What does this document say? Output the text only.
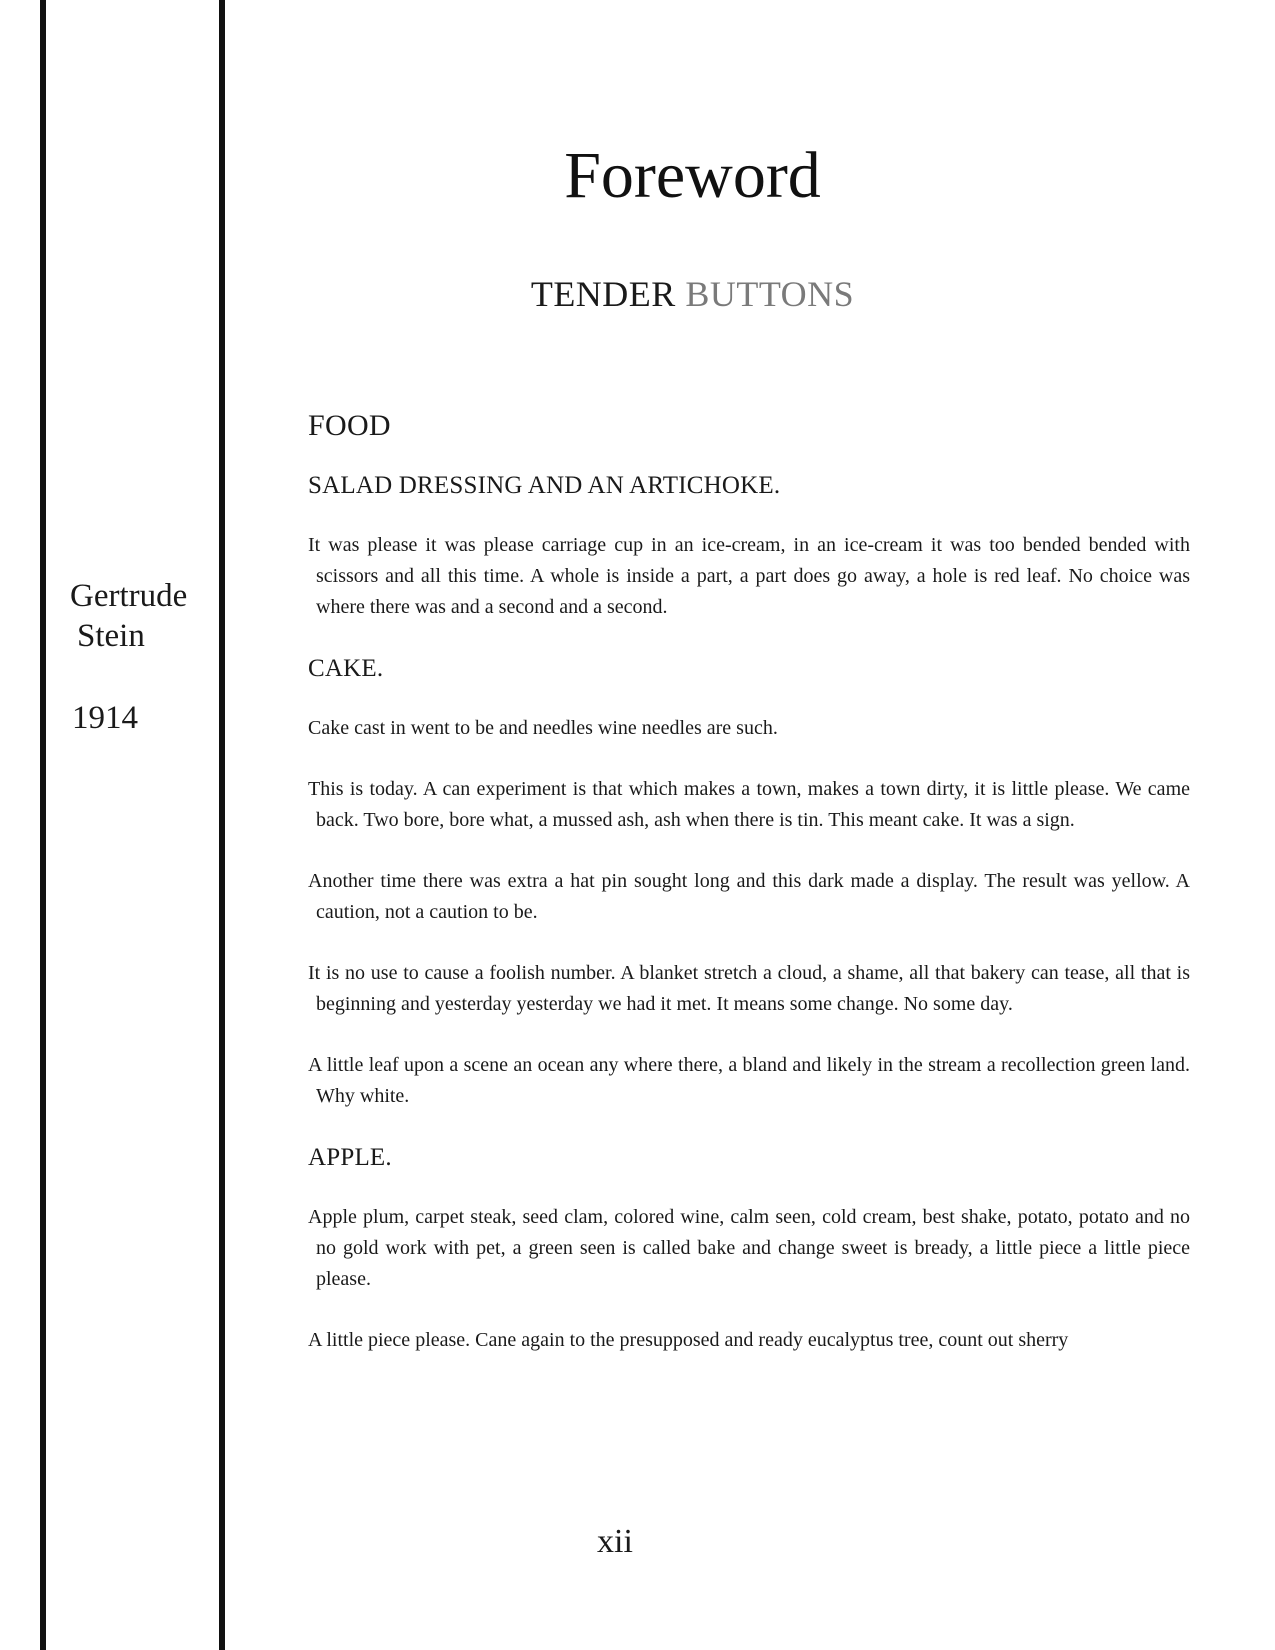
Gertrude
Stein
1914
Foreword
TENDER BUTTONS
FOOD
SALAD DRESSING AND AN ARTICHOKE.
It was please it was please carriage cup in an ice-cream, in an ice-cream it was too bended bended with scissors and all this time. A whole is inside a part, a part does go away, a hole is red leaf. No choice was where there was and a second and a second.
CAKE.
Cake cast in went to be and needles wine needles are such.
This is today. A can experiment is that which makes a town, makes a town dirty, it is little please. We came back. Two bore, bore what, a mussed ash, ash when there is tin. This meant cake. It was a sign.
Another time there was extra a hat pin sought long and this dark made a display. The result was yellow. A caution, not a caution to be.
It is no use to cause a foolish number. A blanket stretch a cloud, a shame, all that bakery can tease, all that is beginning and yesterday yesterday we had it met. It means some change. No some day.
A little leaf upon a scene an ocean any where there, a bland and likely in the stream a recollection green land. Why white.
APPLE.
Apple plum, carpet steak, seed clam, colored wine, calm seen, cold cream, best shake, potato, potato and no no gold work with pet, a green seen is called bake and change sweet is bready, a little piece a little piece please.
A little piece please. Cane again to the presupposed and ready eucalyptus tree, count out sherry
xii
